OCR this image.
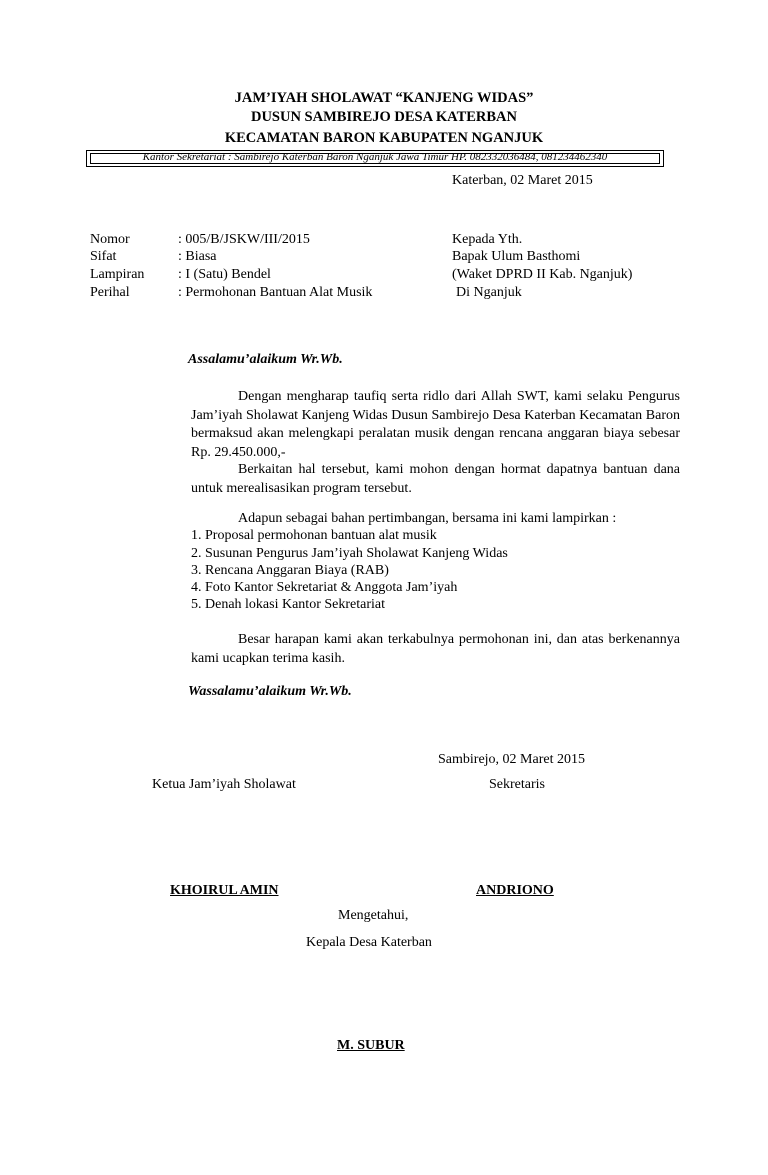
JAM’IYAH SHOLAWAT “KANJENG WIDAS”
DUSUN SAMBIREJO DESA KATERBAN
KECAMATAN BARON KABUPATEN NGANJUK
Kantor Sekretariat : Sambirejo Katerban Baron Nganjuk Jawa Timur HP. 082332036484, 081234462340
Katerban, 02 Maret 2015
Nomor	: 005/B/JSKW/III/2015
Sifat	: Biasa
Lampiran : I (Satu) Bendel
Perihal	: Permohonan Bantuan Alat Musik
Kepada Yth.
Bapak Ulum Basthomi
(Waket DPRD II Kab. Nganjuk)
Di Nganjuk
Assalamu’alaikum Wr.Wb.
Dengan mengharap taufiq serta ridlo dari Allah SWT, kami selaku Pengurus Jam’iyah Sholawat Kanjeng Widas Dusun Sambirejo Desa Katerban Kecamatan Baron bermaksud akan melengkapi peralatan musik dengan rencana anggaran biaya sebesar Rp. 29.450.000,-
Berkaitan hal tersebut, kami mohon dengan hormat dapatnya bantuan dana untuk merealisasikan program tersebut.
Adapun sebagai bahan pertimbangan, bersama ini kami lampirkan :
1. Proposal permohonan bantuan alat musik
2. Susunan Pengurus Jam’iyah Sholawat Kanjeng Widas
3. Rencana Anggaran Biaya (RAB)
4. Foto Kantor Sekretariat & Anggota Jam’iyah
5. Denah lokasi Kantor Sekretariat
Besar harapan kami akan terkabulnya permohonan ini, dan atas berkenannya kami ucapkan terima kasih.
Wassalamu’alaikum Wr.Wb.
Sambirejo, 02 Maret 2015
Ketua Jam’iyah Sholawat	Sekretaris
KHOIRUL AMIN	ANDRIONO
Mengetahui,
Kepala Desa Katerban
M. SUBUR
